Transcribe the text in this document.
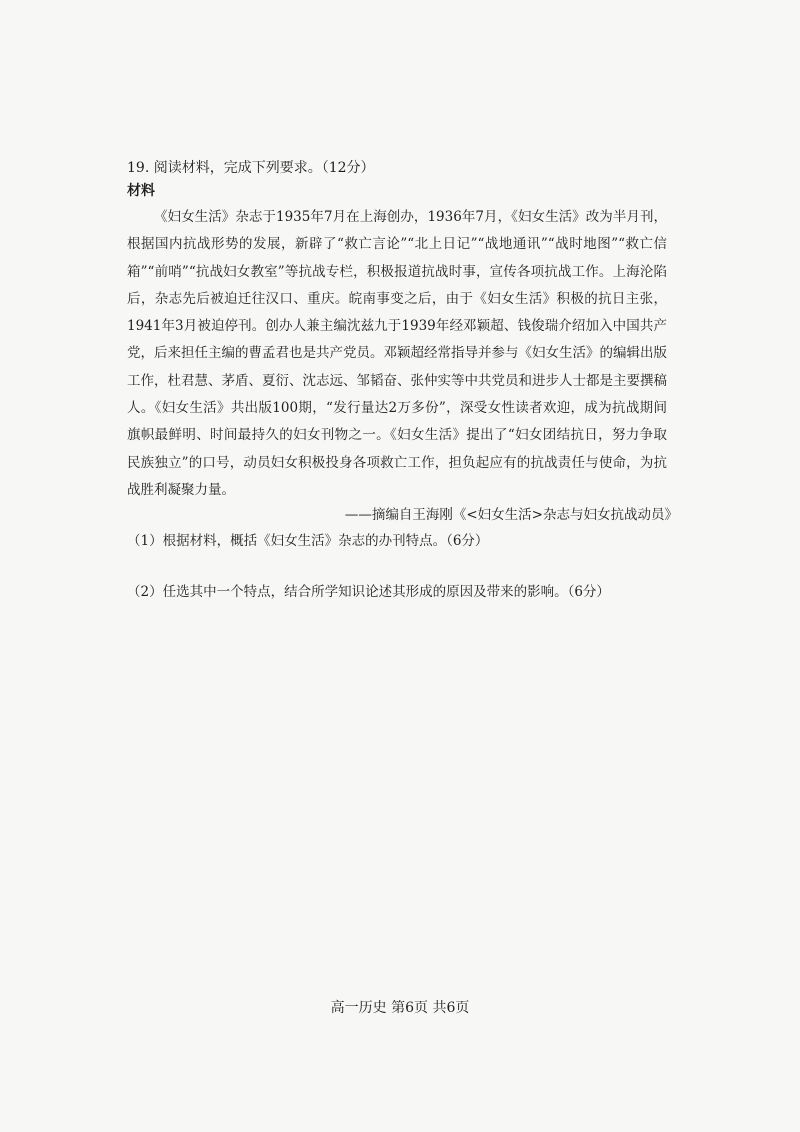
19. 阅读材料，完成下列要求。（12分）
材料

《妇女生活》杂志于1935年7月在上海创办，1936年7月，《妇女生活》改为半月刊，根据国内抗战形势的发展，新辟了“救亡言论”“北上日记”“战地通讯”“战时地图”“救亡信箱”“前哨”“抗战妇女教室”等抗战专栏，积极报道抗战时事，宣传各项抗战工作。上海沦陷后，杂志先后被迫迁往汉口、重庆。皖南事变之后，由于《妇女生活》积极的抗日主张，1941年3月被迫停刊。创办人兼主编沈兹九于1939年经邓颖超、钱俊瑞介绍加入中国共产党，后来担任主编的曹孟君也是共产党员。邓颖超经常指导并参与《妇女生活》的编辑出版工作，杜君慧、茅盾、夏衍、沈志远、邹韬奋、张仲实等中共党员和进步人士都是主要撰稿人。《妇女生活》共出版100期，“发行量达2万多份”，深受女性读者欢迎，成为抗战期间旗帜最鲜明、时间最持久的妇女刊物之一。《妇女生活》提出了“妇女团结抗日，努力争取民族独立”的口号，动员妇女积极投身各项救亡工作，担负起应有的抗战责任与使命，为抗战胜利凝聚力量。

——摘编自王海刚《<妇女生活>杂志与妇女抗战动员》
（1）根据材料，概括《妇女生活》杂志的办刊特点。（6分）
（2）任选其中一个特点，结合所学知识论述其形成的原因及带来的影响。（6分）
高一历史 第6页 共6页
